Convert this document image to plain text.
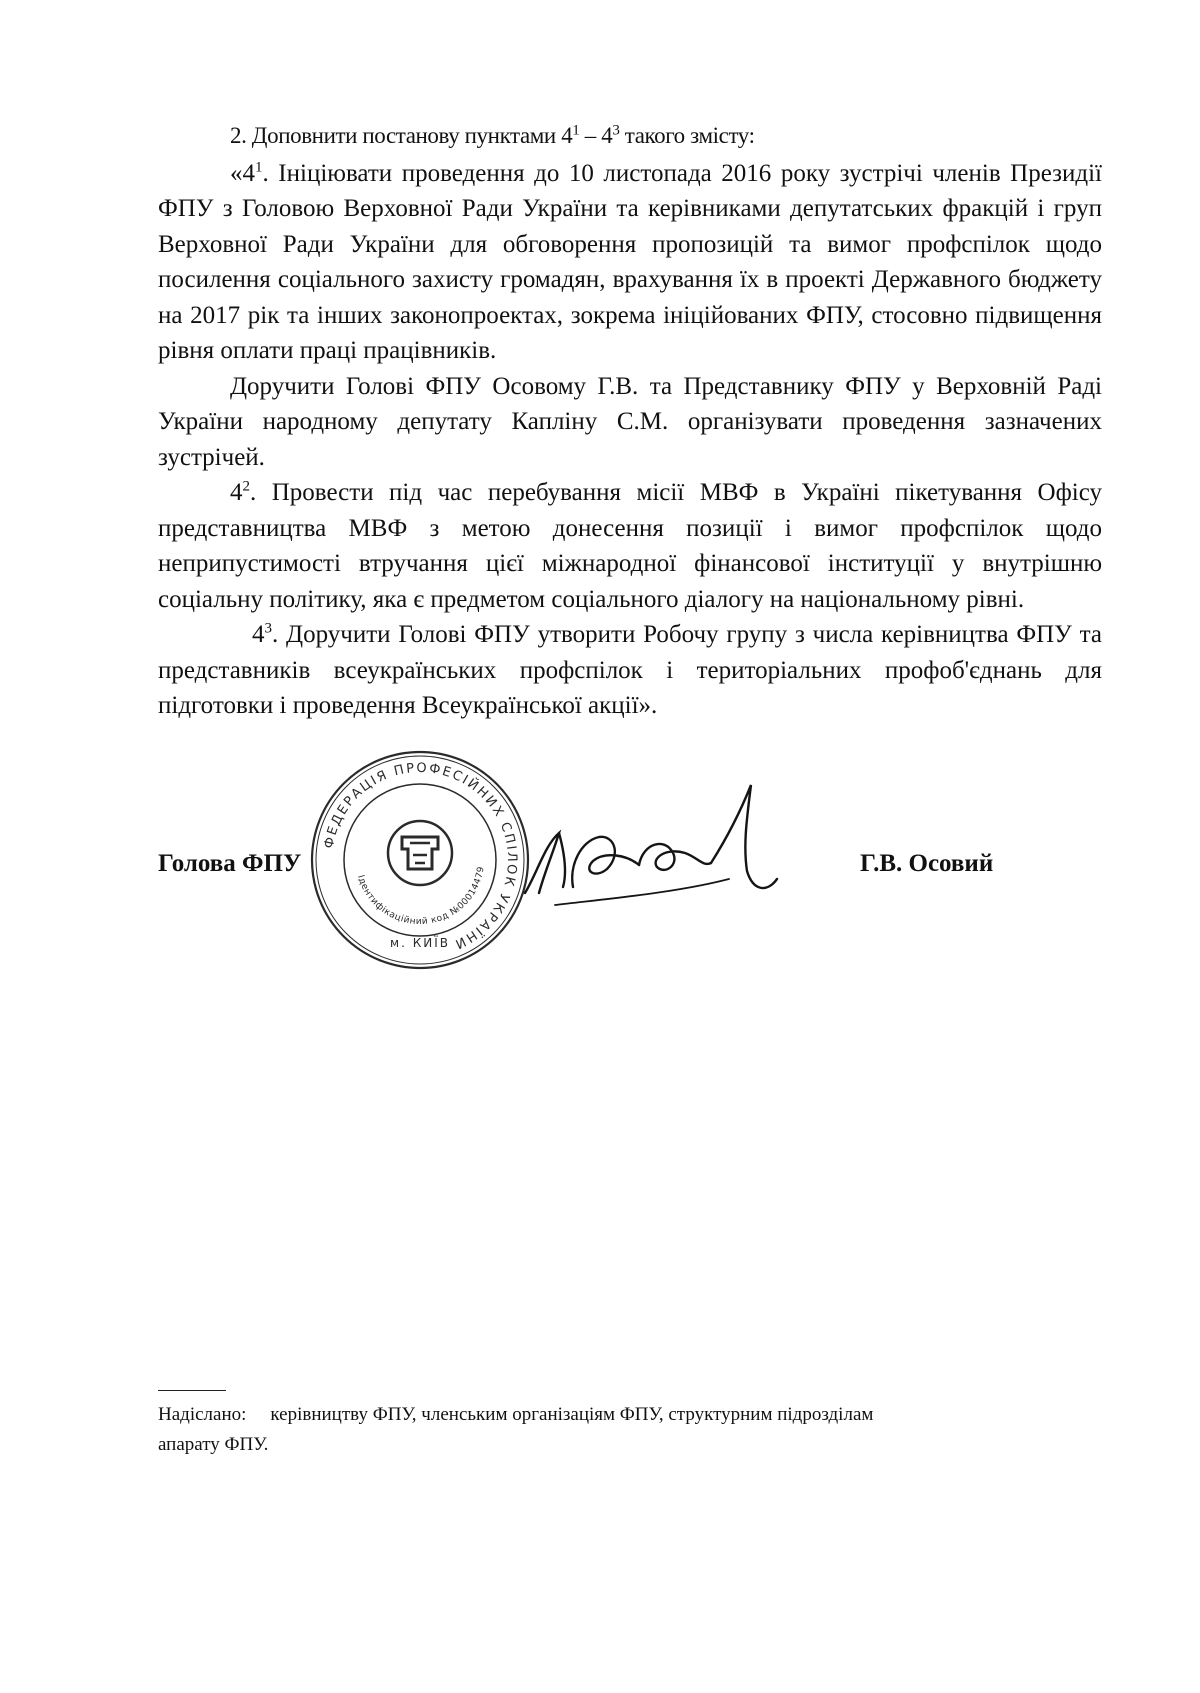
2. Доповнити постанову пунктами $4^1 - 4^3$ такого змісту:

«$4^1$. Ініціювати проведення до 10 листопада 2016 року зустрічі членів Президії ФПУ з Головою Верховної Ради України та керівниками депутатських фракцій і груп Верховної Ради України для обговорення пропозицій та вимог профспілок щодо посилення соціального захисту громадян, врахування їх в проекті Державного бюджету на 2017 рік та інших законопроектах, зокрема ініційованих ФПУ, стосовно підвищення рівня оплати праці працівників.

Доручити Голові ФПУ Осовому Г.В. та Представнику ФПУ у Верховній Раді України народному депутату Капліну С.М. організувати проведення зазначених зустрічей.

$4^2$. Провести під час перебування місії МВФ в Україні пікетування Офісу представництва МВФ з метою донесення позиції і вимог профспілок щодо неприпустимості втручання цієї міжнародної фінансової інституції у внутрішню соціальну політику, яка є предметом соціального діалогу на національному рівні.

$4^3$. Доручити Голові ФПУ утворити Робочу групу з числа керівництва ФПУ та представників всеукраїнських профспілок і територіальних профоб'єднань для підготовки і проведення Всеукраїнської акції».

Голова ФПУ	Г.В. Осовий
ФЕДЕРАЦІЯ ПРОФЕСІЙНИХ СПІЛОК УКРАЇНИ
Ідентифікаційний код №00014479
м. КИЇВ

Надіслано: керівництву ФПУ, членським організаціям ФПУ, структурним підрозділам

апарату ФПУ.
